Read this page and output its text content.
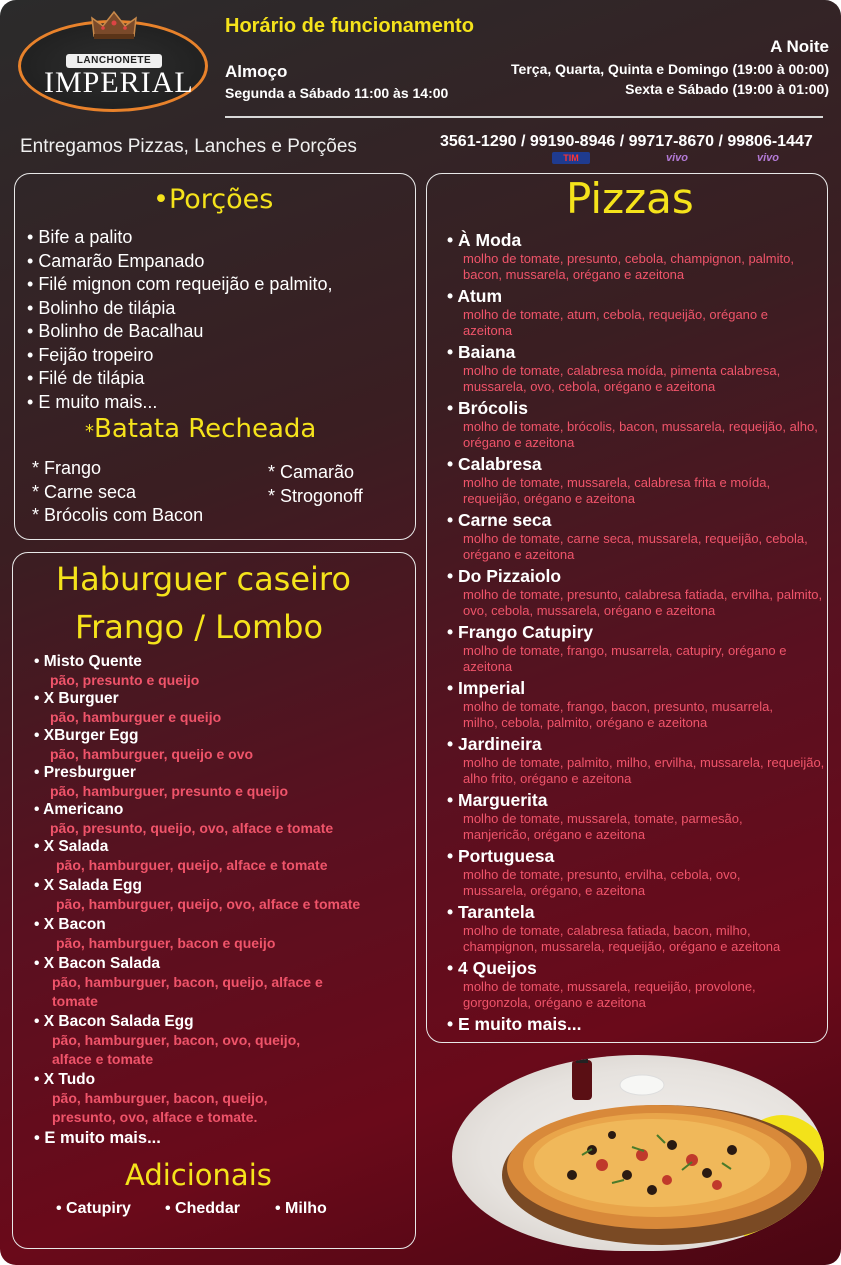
LANCHONETE
IMPERIAL
Horário de funcionamento
Almoço
Segunda a Sábado 11:00 às 14:00
A Noite
Terça, Quarta, Quinta e Domingo (19:00 à 00:00)
Sexta e Sábado (19:00 à 01:00)
Entregamos Pizzas, Lanches e Porções	3561-1290 / 99190-8946 / 99717-8670 / 99806-1447
TIM	vivo	vivo
•Porções
• Bife a palito
• Camarão Empanado
• Filé mignon com requeijão e palmito,
• Bolinho de tilápia
• Bolinho de Bacalhau
• Feijão tropeiro
• Filé de tilápia
• E muito mais...
*Batata Recheada
* Frango
* Carne seca
* Brócolis com Bacon
* Camarão
* Strogonoff
Haburguer caseiro
Frango / Lombo
• Misto Quente
pão, presunto e queijo
• X Burguer
pão, hamburguer e queijo
• XBurger Egg
pão, hamburguer, queijo e ovo
• Presburguer
pão, hamburguer, presunto e queijo
• Americano
pão, presunto, queijo, ovo, alface e tomate
• X Salada
pão, hamburguer, queijo, alface e tomate
• X Salada Egg
pão, hamburguer, queijo, ovo, alface e tomate
• X Bacon
pão, hamburguer, bacon e queijo
• X Bacon Salada
pão, hamburguer, bacon, queijo, alface e tomate
• X Bacon Salada Egg
pão, hamburguer, bacon, ovo, queijo, alface e tomate
• X Tudo
pão, hamburguer, bacon, queijo, presunto, ovo, alface e tomate.
• E muito mais...
Adicionais
• Catupiry • Cheddar • Milho
Pizzas
• À Moda
molho de tomate, presunto, cebola, champignon, palmito, bacon, mussarela, orégano e azeitona
• Atum
molho de tomate, atum, cebola, requeijão, orégano e azeitona
• Baiana
molho de tomate, calabresa moída, pimenta calabresa, mussarela, ovo, cebola, orégano e azeitona
• Brócolis
molho de tomate, brócolis, bacon, mussarela, requeijão, alho, orégano e azeitona
• Calabresa
molho de tomate, mussarela, calabresa frita e moída, requeijão, orégano e azeitona
• Carne seca
molho de tomate, carne seca, mussarela, requeijão, cebola, orégano e azeitona
• Do Pizzaiolo
molho de tomate, presunto, calabresa fatiada, ervilha, palmito, ovo, cebola, mussarela, orégano e azeitona
• Frango Catupiry
molho de tomate, frango, musarrela, catupiry, orégano e azeitona
• Imperial
molho de tomate, frango, bacon, presunto, musarrela, milho, cebola, palmito, orégano e azeitona
• Jardineira
molho de tomate, palmito, milho, ervilha, mussarela, requeijão, alho frito, orégano e azeitona
• Marguerita
molho de tomate, mussarela, tomate, parmesão, manjericão, orégano e azeitona
• Portuguesa
molho de tomate, presunto, ervilha, cebola, ovo, mussarela, orégano, e azeitona
• Tarantela
molho de tomate, calabresa fatiada, bacon, milho, champignon, mussarela, requeijão, orégano e azeitona
• 4 Queijos
molho de tomate, mussarela, requeijão, provolone, gorgonzola, orégano e azeitona
• E muito mais...
